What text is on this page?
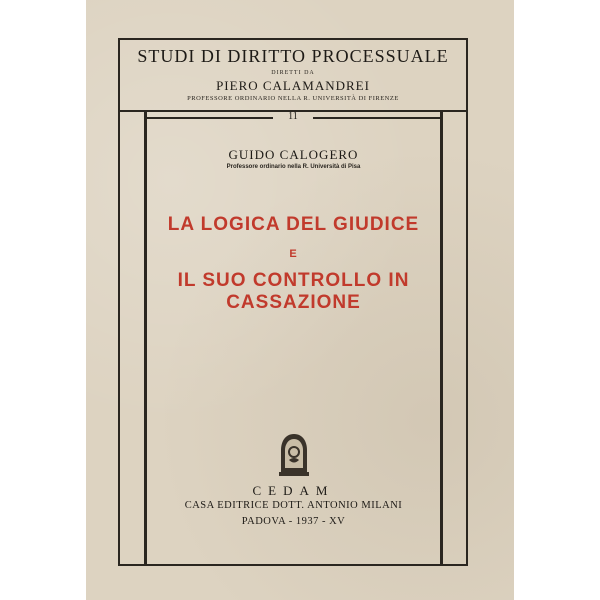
STUDI DI DIRITTO PROCESSUALE
DIRETTI DA
PIERO CALAMANDREI
PROFESSORE ORDINARIO NELLA R. UNIVERSITÀ DI FIRENZE
11
GUIDO CALOGERO
Professore ordinario nella R. Università di Pisa
LA LOGICA DEL GIUDICE
E
IL SUO CONTROLLO IN CASSAZIONE
CEDAM
CASA EDITRICE DOTT. ANTONIO MILANI
PADOVA - 1937 - XV
